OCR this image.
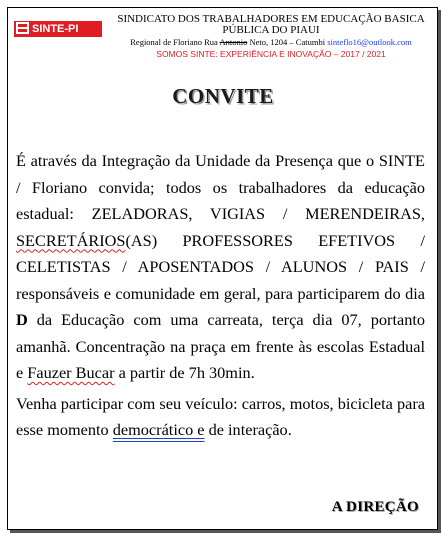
SINTE-PI
SINDICATO DOS TRABALHADORES EM EDUCAÇÃO BASICA
PÚBLICA DO PIAUI
Regional de Floriano Rua Antonio Neto, 1204 – Catumbi sinteflo16@outlook.com
SOMOS SINTE: EXPERIÊNCIA E INOVAÇÃO – 2017 / 2021
CONVITE

É através da Integração da Unidade da Presença que o SINTE / Floriano convida; todos os trabalhadores da educação estadual: ZELADORAS, VIGIAS / MERENDEIRAS, SECRETÁRIOS(AS) PROFESSORES EFETIVOS / CELETISTAS / APOSENTADOS / ALUNOS / PAIS / responsáveis e comunidade em geral, para participarem do dia D da Educação com uma carreata, terça dia 07, portanto amanhã. Concentração na praça em frente às escolas Estadual e Fauzer Bucar a partir de 7h 30min.

Venha participar com seu veículo: carros, motos, bicicleta para esse momento democrático e de interação.

A DIREÇÃO
